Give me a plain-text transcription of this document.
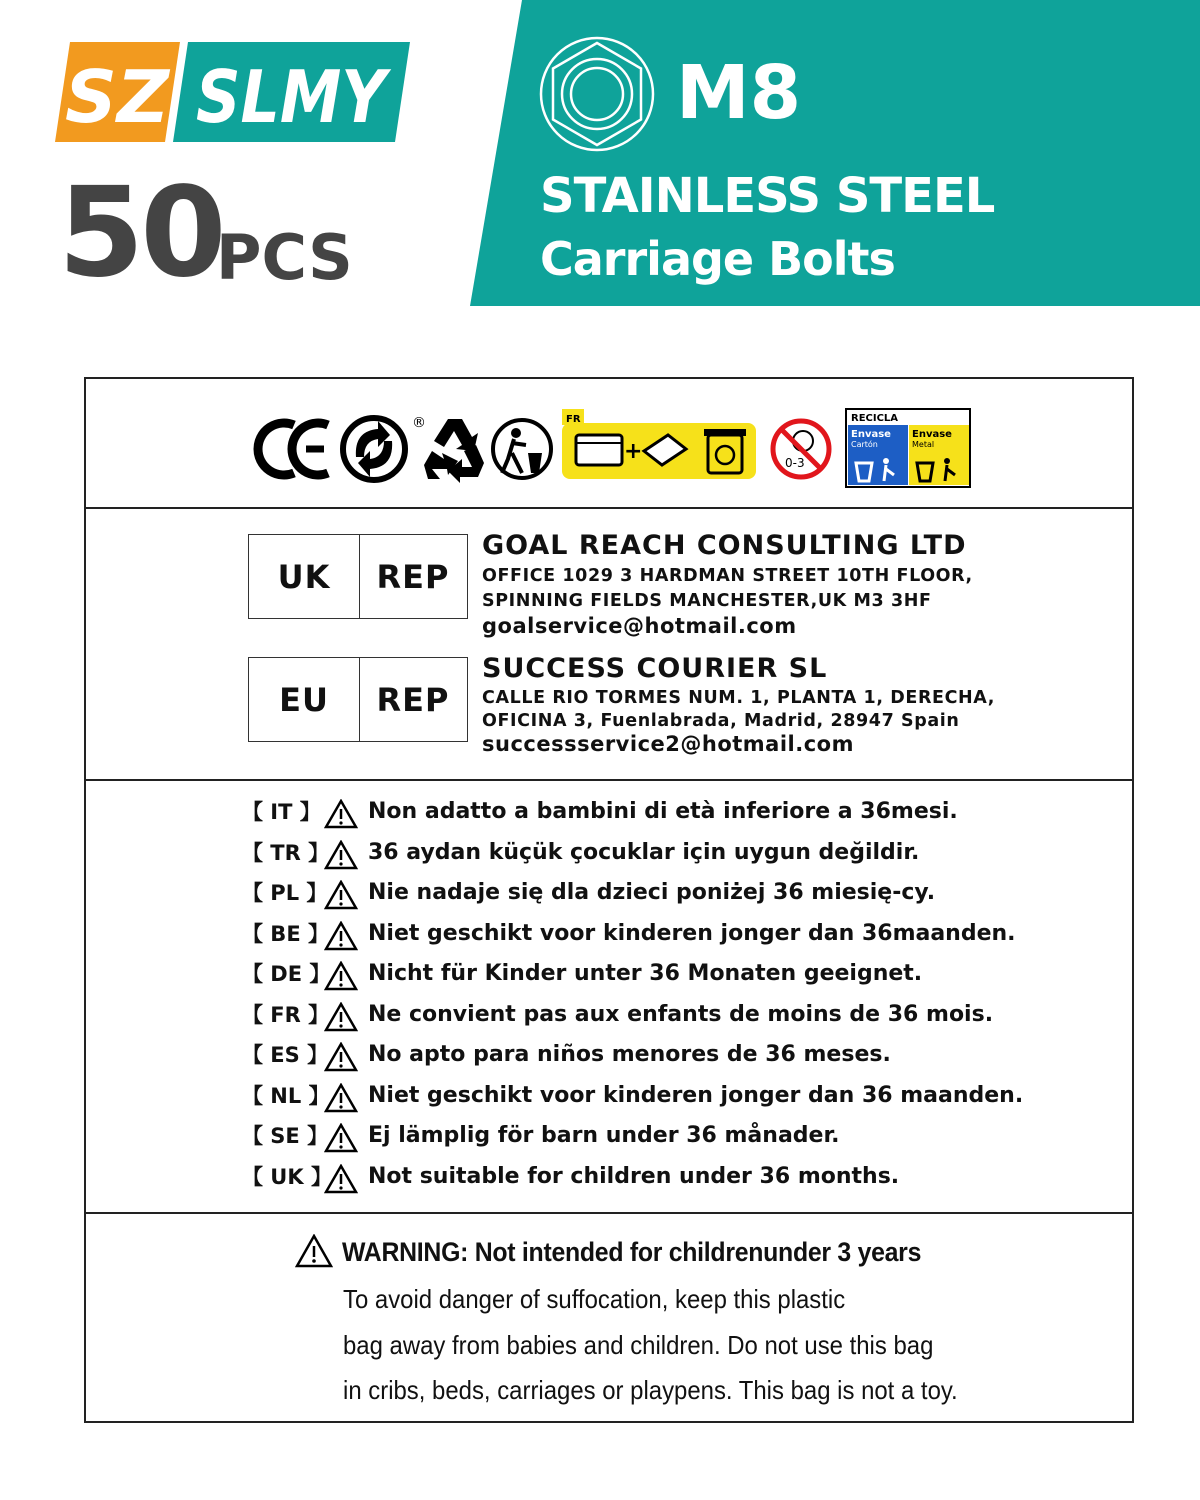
SZ SLMY
50
PCS
M8
STAINLESS STEEL
Carriage Bolts
®	FR
+	0-3
RECICLA
Envase
Cartón
Envase
Metal
UK	REP
GOAL REACH CONSULTING LTD
OFFICE 1029 3 HARDMAN STREET 10TH FLOOR,
SPINNING FIELDS MANCHESTER,UK M3 3HF
goalservice@hotmail.com
EU	REP
SUCCESS COURIER SL
CALLE RIO TORMES NUM. 1, PLANTA 1, DERECHA,
OFICINA 3, Fuenlabrada, Madrid, 28947 Spain
successservice2@hotmail.com
【 IT 】 Non adatto a bambini di età inferiore a 36mesi.
【 TR 】 36 aydan küçük çocuklar için uygun değildir.
【 PL 】 Nie nadaje się dla dzieci poniżej 36 miesię-cy.
【 BE 】 Niet geschikt voor kinderen jonger dan 36maanden.
【 DE 】 Nicht für Kinder unter 36 Monaten geeignet.
【 FR 】 Ne convient pas aux enfants de moins de 36 mois.
【 ES 】 No apto para niños menores de 36 meses.
【 NL 】 Niet geschikt voor kinderen jonger dan 36 maanden.
【 SE 】 Ej lämplig för barn under 36 månader.
【 UK 】 Not suitable for children under 36 months.
WARNING: Not intended for childrenunder 3 years
To avoid danger of suffocation, keep this plastic
bag away from babies and children. Do not use this bag
in cribs, beds, carriages or playpens. This bag is not a toy.
